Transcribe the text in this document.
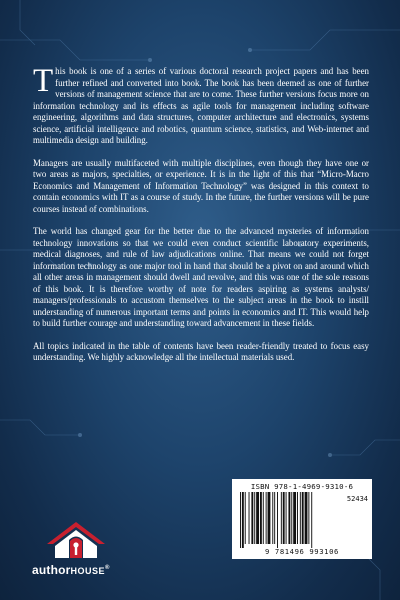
This book is one of a series of various doctoral research project papers and has been further refined and converted into book. The book has been deemed as one of further versions of management science that are to come. These further versions focus more on information technology and its effects as agile tools for management including software engineering, algorithms and data structures, computer architecture and electronics, systems science, artificial intelligence and robotics, quantum science, statistics, and Web-internet and multimedia design and building.

Managers are usually multifaceted with multiple disciplines, even though they have one or two areas as majors, specialties, or experience. It is in the light of this that “Micro-Macro Economics and Management of Information Technology” was designed in this context to contain economics with IT as a course of study. In the future, the further versions will be pure courses instead of combinations.

The world has changed gear for the better due to the advanced mysteries of information technology innovations so that we could even conduct scientific laboratory experiments, medical diagnoses, and rule of law adjudications online. That means we could not forget information technology as one major tool in hand that should be a pivot on and around which all other areas in management should dwell and revolve, and this was one of the sole reasons of this book. It is therefore worthy of note for readers aspiring as systems analysts/ managers/professionals to accustom themselves to the subject areas in the book to instill understanding of numerous important terms and points in economics and IT. This would help to build further courage and understanding toward advancement in these fields.

All topics indicated in the table of contents have been reader-friendly treated to focus easy understanding. We highly acknowledge all the intellectual materials used.

ISBN 978-1-4969-9310-6
52434
9 781496 993106
authorHOUSE®
